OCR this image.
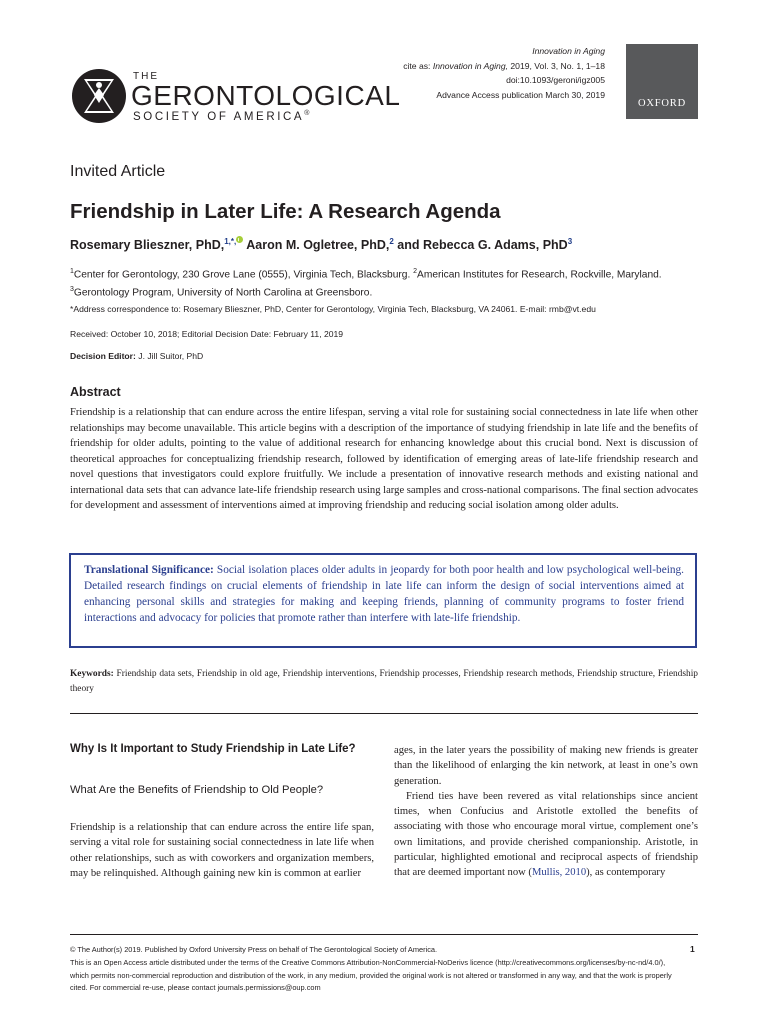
THE
GERONTOLOGICAL
SOCIETY OF AMERICA®
Innovation in Aging
cite as: Innovation in Aging, 2019, Vol. 3, No. 1, 1–18
doi:10.1093/geroni/igz005
Advance Access publication March 30, 2019
OXFORD
Invited Article
Friendship in Later Life: A Research Agenda
Rosemary Blieszner, PhD,$^{1,*,}$ Aaron M. Ogletree, PhD,$^2$ and Rebecca G. Adams, PhD$^3$
$^1$Center for Gerontology, 230 Grove Lane (0555), Virginia Tech, Blacksburg. $^2$American Institutes for Research, Rockville, Maryland. $^3$Gerontology Program, University of North Carolina at Greensboro.
*Address correspondence to: Rosemary Blieszner, PhD, Center for Gerontology, Virginia Tech, Blacksburg, VA 24061. E-mail: rmb@vt.edu
Received: October 10, 2018; Editorial Decision Date: February 11, 2019
Decision Editor: J. Jill Suitor, PhD
Abstract
Friendship is a relationship that can endure across the entire lifespan, serving a vital role for sustaining social connectedness in late life when other relationships may become unavailable. This article begins with a description of the importance of studying friendship in late life and the benefits of friendship for older adults, pointing to the value of additional research for enhancing knowledge about this crucial bond. Next is discussion of theoretical approaches for conceptualizing friendship research, followed by identification of emerging areas of late-life friendship research and novel questions that investigators could explore fruitfully. We include a presentation of innovative research methods and existing national and international data sets that can advance late-life friendship research using large samples and cross-national comparisons. The final section advocates for development and assessment of interventions aimed at improving friendship and reducing social isolation among older adults.
Translational Significance: Social isolation places older adults in jeopardy for both poor health and low psychological well-being. Detailed research findings on crucial elements of friendship in late life can inform the design of social interventions aimed at enhancing personal skills and strategies for making and keeping friends, planning of community programs to foster friend interactions and advocacy for policies that promote rather than interfere with late-life friendship.
Keywords: Friendship data sets, Friendship in old age, Friendship interventions, Friendship processes, Friendship research methods, Friendship structure, Friendship theory
Why Is It Important to Study Friendship in Late Life?
What Are the Benefits of Friendship to Old People?
Friendship is a relationship that can endure across the entire life span, serving a vital role for sustaining social connectedness in late life when other relationships, such as with coworkers and organization members, may be relinquished. Although gaining new kin is common at earlier

ages, in the later years the possibility of making new friends is greater than the likelihood of enlarging the kin network, at least in one’s own generation.

Friend ties have been revered as vital relationships since ancient times, when Confucius and Aristotle extolled the benefits of associating with those who encourage moral virtue, complement one’s own limitations, and provide cherished companionship. Aristotle, in particular, highlighted emotional and reciprocal aspects of friendship that are deemed important now (Mullis, 2010), as contemporary

© The Author(s) 2019. Published by Oxford University Press on behalf of The Gerontological Society of America.
This is an Open Access article distributed under the terms of the Creative Commons Attribution-NonCommercial-NoDerivs licence (http://creativecommons.org/licenses/by-nc-nd/4.0/), which permits non-commercial reproduction and distribution of the work, in any medium, provided the original work is not altered or transformed in any way, and that the work is properly cited. For commercial re-use, please contact journals.permissions@oup.com
1
